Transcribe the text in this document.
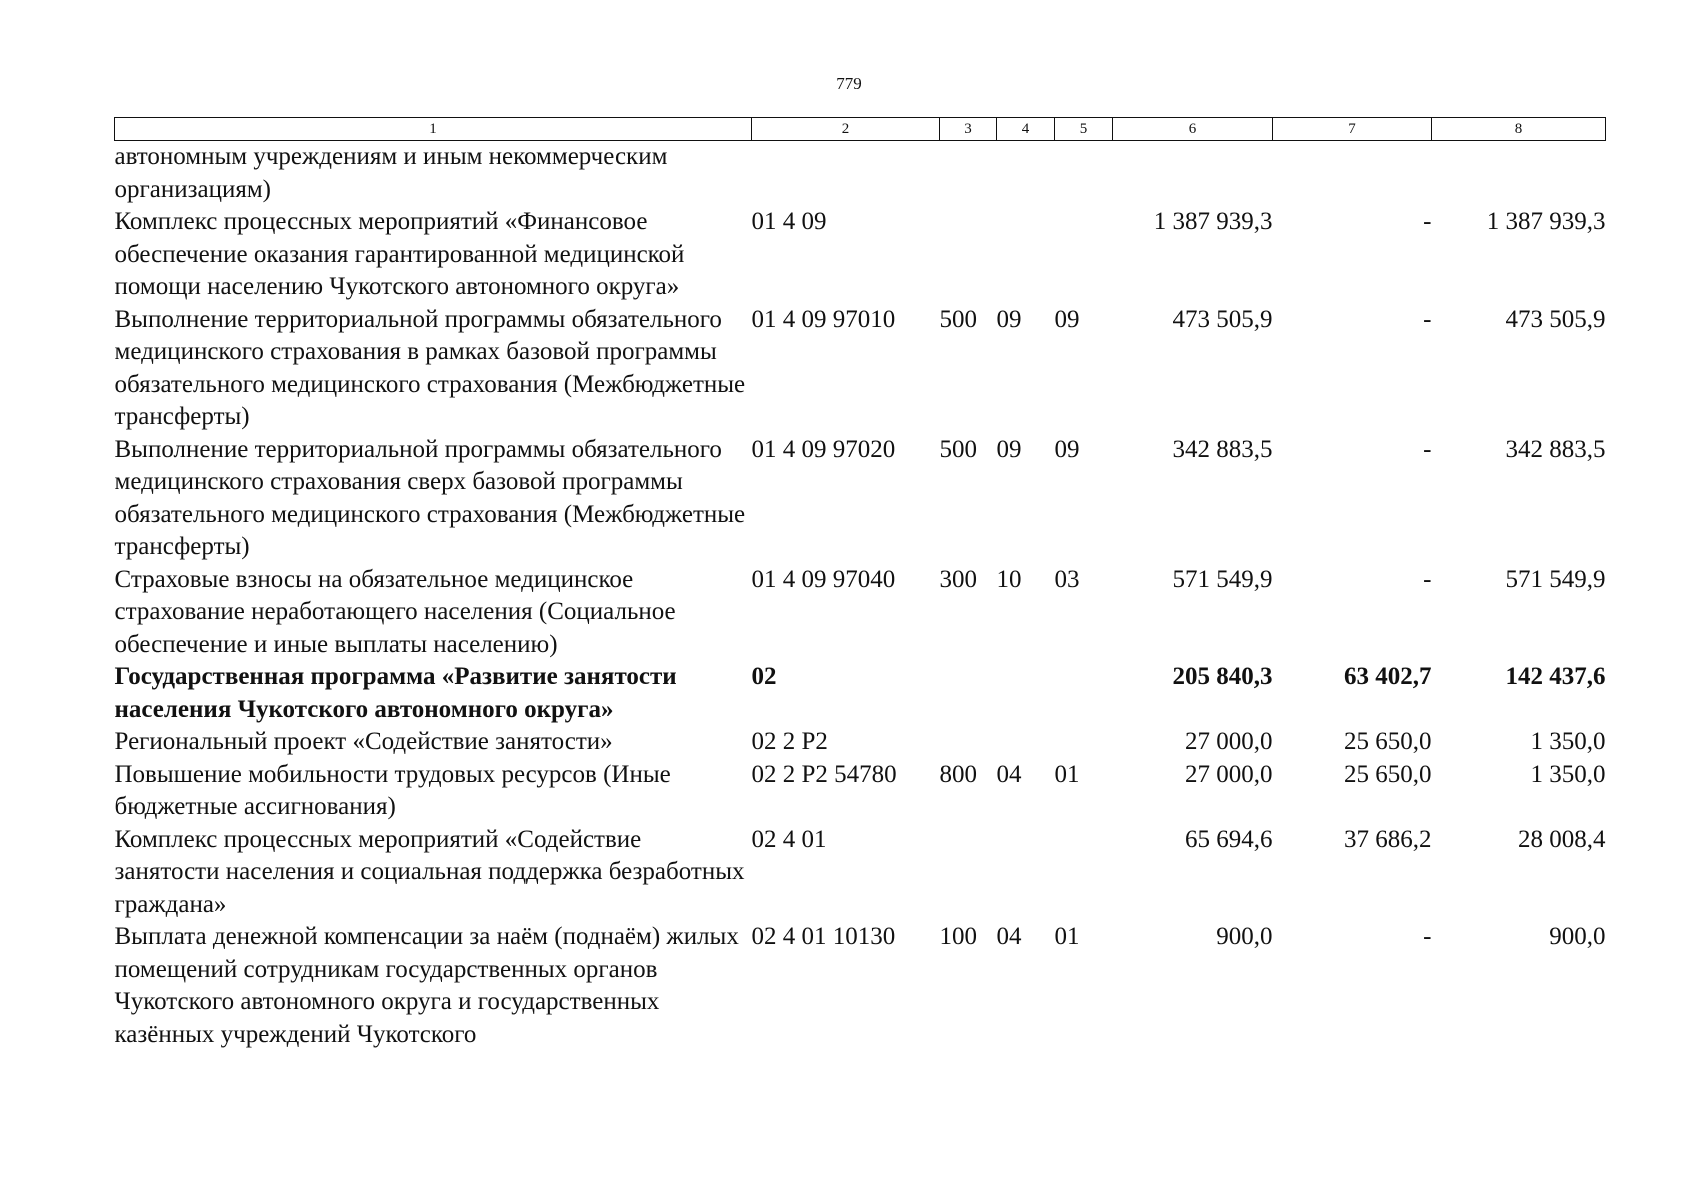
779
1	2	3	4	5	6	7	8
автономным учреждениям и иным некоммерческим организациям)							
Комплекс процессных мероприятий «Финансовое обеспечение оказания гарантированной медицинской помощи населению Чукотского автономного округа»	01 4 09				1 387 939,3	-	1 387 939,3
Выполнение территориальной программы обязательного медицинского страхования в рамках базовой программы обязательного медицинского страхования (Межбюджетные трансферты)	01 4 09 97010	500	09	09	473 505,9	-	473 505,9
Выполнение территориальной программы обязательного медицинского страхования сверх базовой программы обязательного медицинского страхования (Межбюджетные трансферты)	01 4 09 97020	500	09	09	342 883,5	-	342 883,5
Страховые взносы на обязательное медицинское страхование неработающего населения (Социальное обеспечение и иные выплаты населению)	01 4 09 97040	300	10	03	571 549,9	-	571 549,9
Государственная программа «Развитие занятости населения Чукотского автономного округа»	02				205 840,3	63 402,7	142 437,6
Региональный проект «Содействие занятости»	02 2 Р2				27 000,0	25 650,0	1 350,0
Повышение мобильности трудовых ресурсов (Иные бюджетные ассигнования)	02 2 Р2 54780	800	04	01	27 000,0	25 650,0	1 350,0
Комплекс процессных мероприятий «Содействие занятости населения и социальная поддержка безработных граждана»	02 4 01				65 694,6	37 686,2	28 008,4
Выплата денежной компенсации за наём (поднаём) жилых помещений сотрудникам государственных органов Чукотского автономного округа и государственных казённых учреждений Чукотского	02 4 01 10130	100	04	01	900,0	-	900,0
